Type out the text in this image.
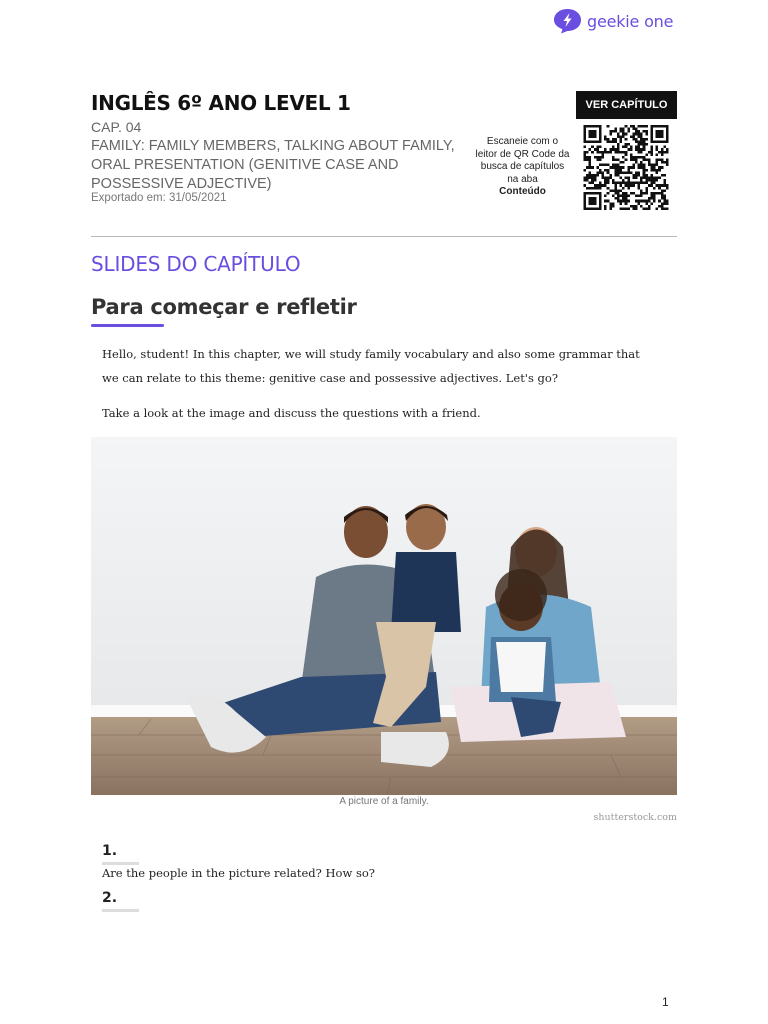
geekie one
INGLÊS 6º ANO LEVEL 1
CAP. 04
FAMILY: FAMILY MEMBERS, TALKING ABOUT FAMILY, ORAL PRESENTATION (GENITIVE CASE AND POSSESSIVE ADJECTIVE)
Exportado em: 31/05/2021
VER CAPÍTULO
Escaneie com o leitor de QR Code da busca de capítulos na aba
Conteúdo
SLIDES DO CAPÍTULO
Para começar e refletir

Hello, student! In this chapter, we will study family vocabulary and also some grammar that we can relate to this theme: genitive case and possessive adjectives. Let's go?

Take a look at the image and discuss the questions with a friend.

A picture of a family.
shutterstock.com
1.
Are the people in the picture related? How so?
2.
1
